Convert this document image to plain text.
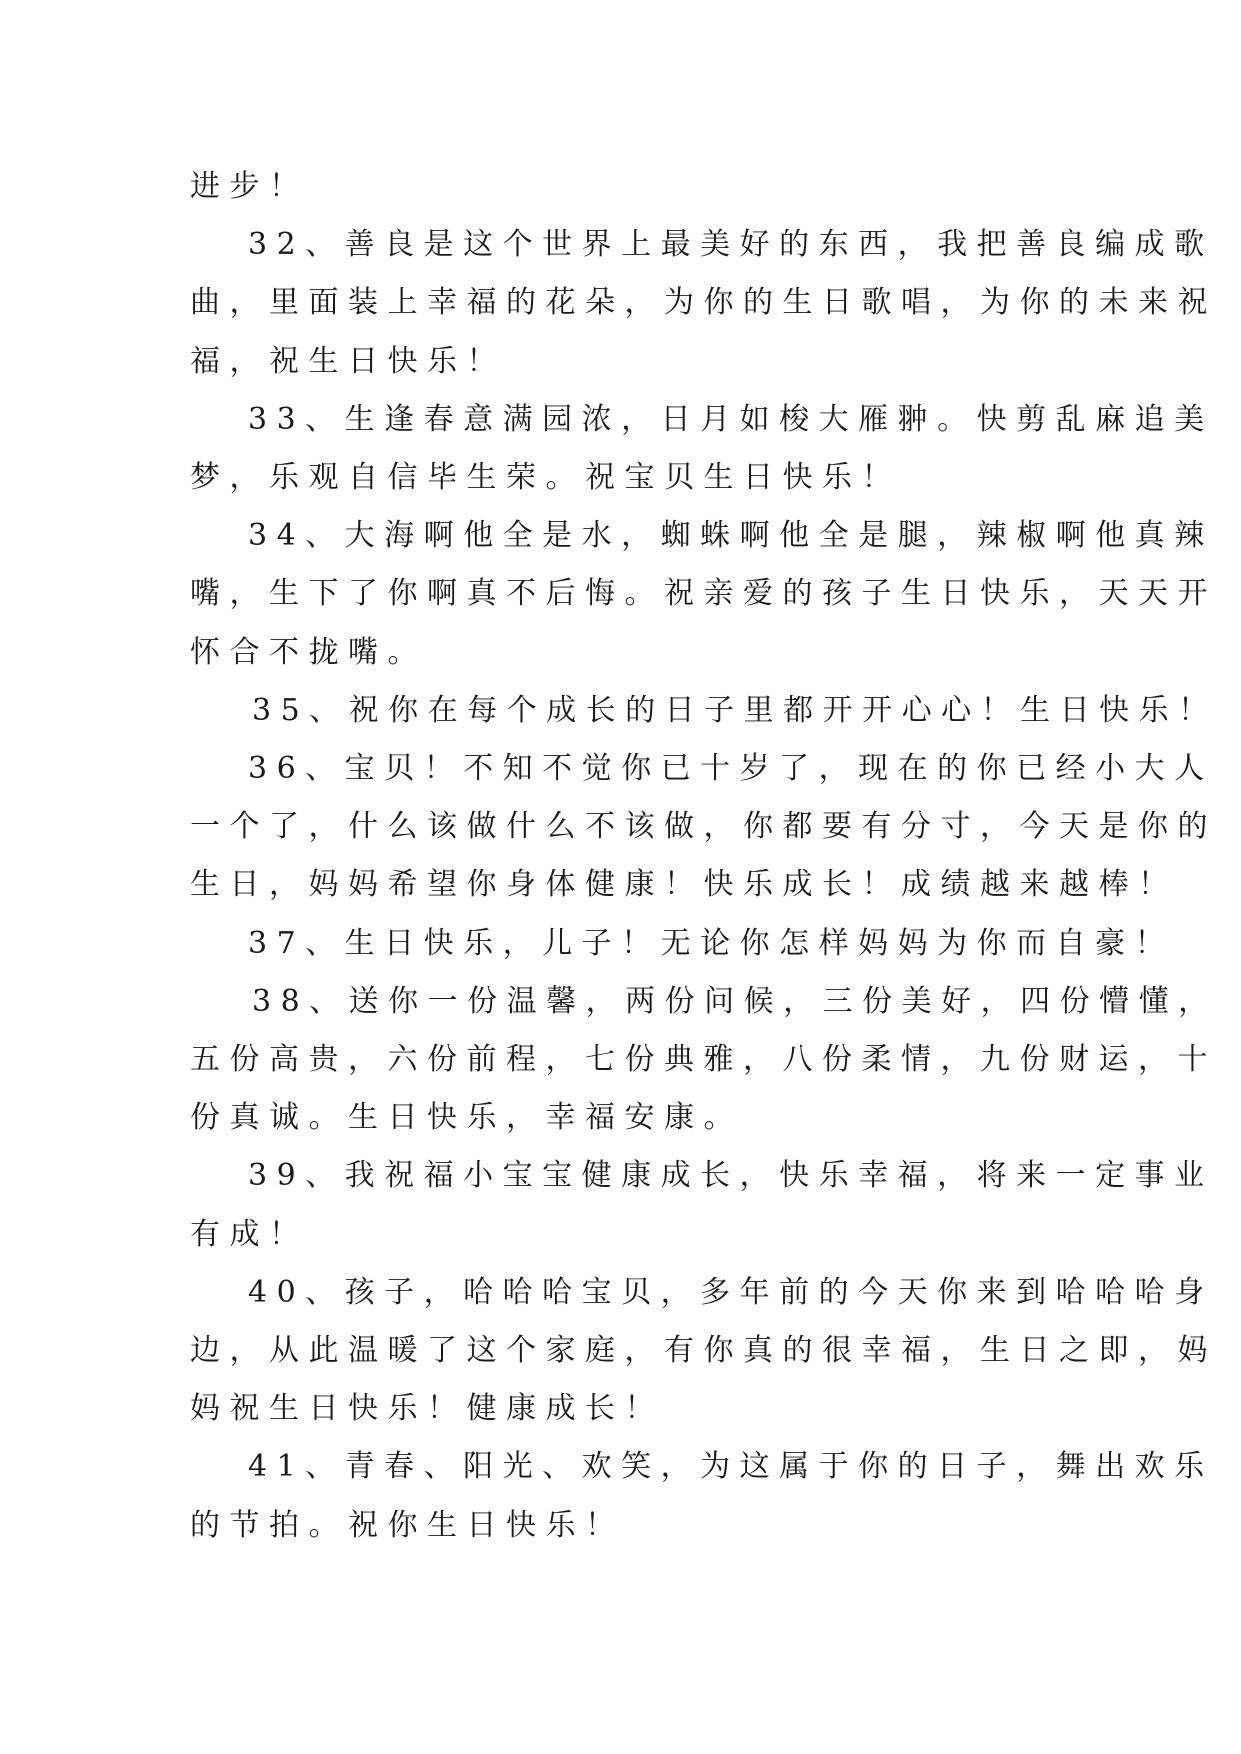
进步！

32、善良是这个世界上最美好的东西，我把善良编成歌

曲，里面装上幸福的花朵，为你的生日歌唱，为你的未来祝

福，祝生日快乐！

33、生逢春意满园浓，日月如梭大雁翀。快剪乱麻追美

梦，乐观自信毕生荣。祝宝贝生日快乐！

34、大海啊他全是水，蜘蛛啊他全是腿，辣椒啊他真辣

嘴，生下了你啊真不后悔。祝亲爱的孩子生日快乐，天天开

怀合不拢嘴。

35、祝你在每个成长的日子里都开开心心！生日快乐！

36、宝贝！不知不觉你已十岁了，现在的你已经小大人

一个了，什么该做什么不该做，你都要有分寸，今天是你的

生日，妈妈希望你身体健康！快乐成长！成绩越来越棒！

37、生日快乐，儿子！无论你怎样妈妈为你而自豪！

38、送你一份温馨，两份问候，三份美好，四份懵懂，

五份高贵，六份前程，七份典雅，八份柔情，九份财运，十

份真诚。生日快乐，幸福安康。

39、我祝福小宝宝健康成长，快乐幸福，将来一定事业

有成！

40、孩子，哈哈哈宝贝，多年前的今天你来到哈哈哈身

边，从此温暖了这个家庭，有你真的很幸福，生日之即，妈

妈祝生日快乐！健康成长！

41、青春、阳光、欢笑，为这属于你的日子，舞出欢乐

的节拍。祝你生日快乐！
